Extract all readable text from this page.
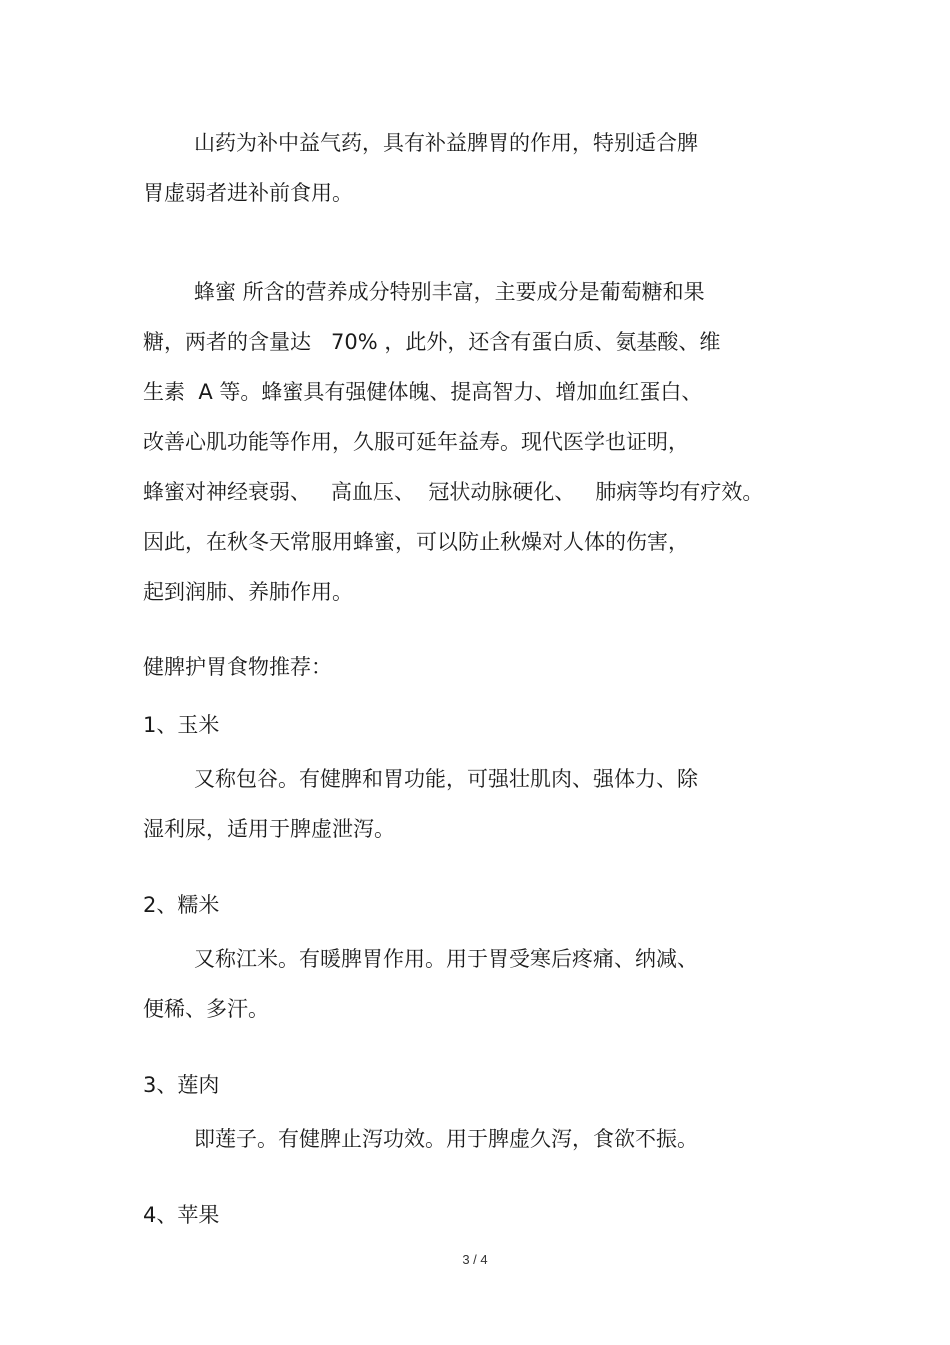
山药为补中益气药，具有补益脾胃的作用，特别适合脾

胃虚弱者进补前食用。

蜂蜜 所含的营养成分特别丰富，主要成分是葡萄糖和果

糖，两者的含量达   70% ，此外，还含有蛋白质、氨基酸、维

生素  A 等。蜂蜜具有强健体魄、提高智力、增加血红蛋白、

改善心肌功能等作用，久服可延年益寿。现代医学也证明，

蜂蜜对神经衰弱、   高血压、  冠状动脉硬化、   肺病等均有疗效。

因此，在秋冬天常服用蜂蜜，可以防止秋燥对人体的伤害，

起到润肺、养肺作用。

健脾护胃食物推荐：

1、玉米

又称包谷。有健脾和胃功能，可强壮肌肉、强体力、除

湿利尿，适用于脾虚泄泻。

2、糯米

又称江米。有暖脾胃作用。用于胃受寒后疼痛、纳减、

便稀、多汗。

3、莲肉

即莲子。有健脾止泻功效。用于脾虚久泻，食欲不振。

4、苹果

3 / 4
